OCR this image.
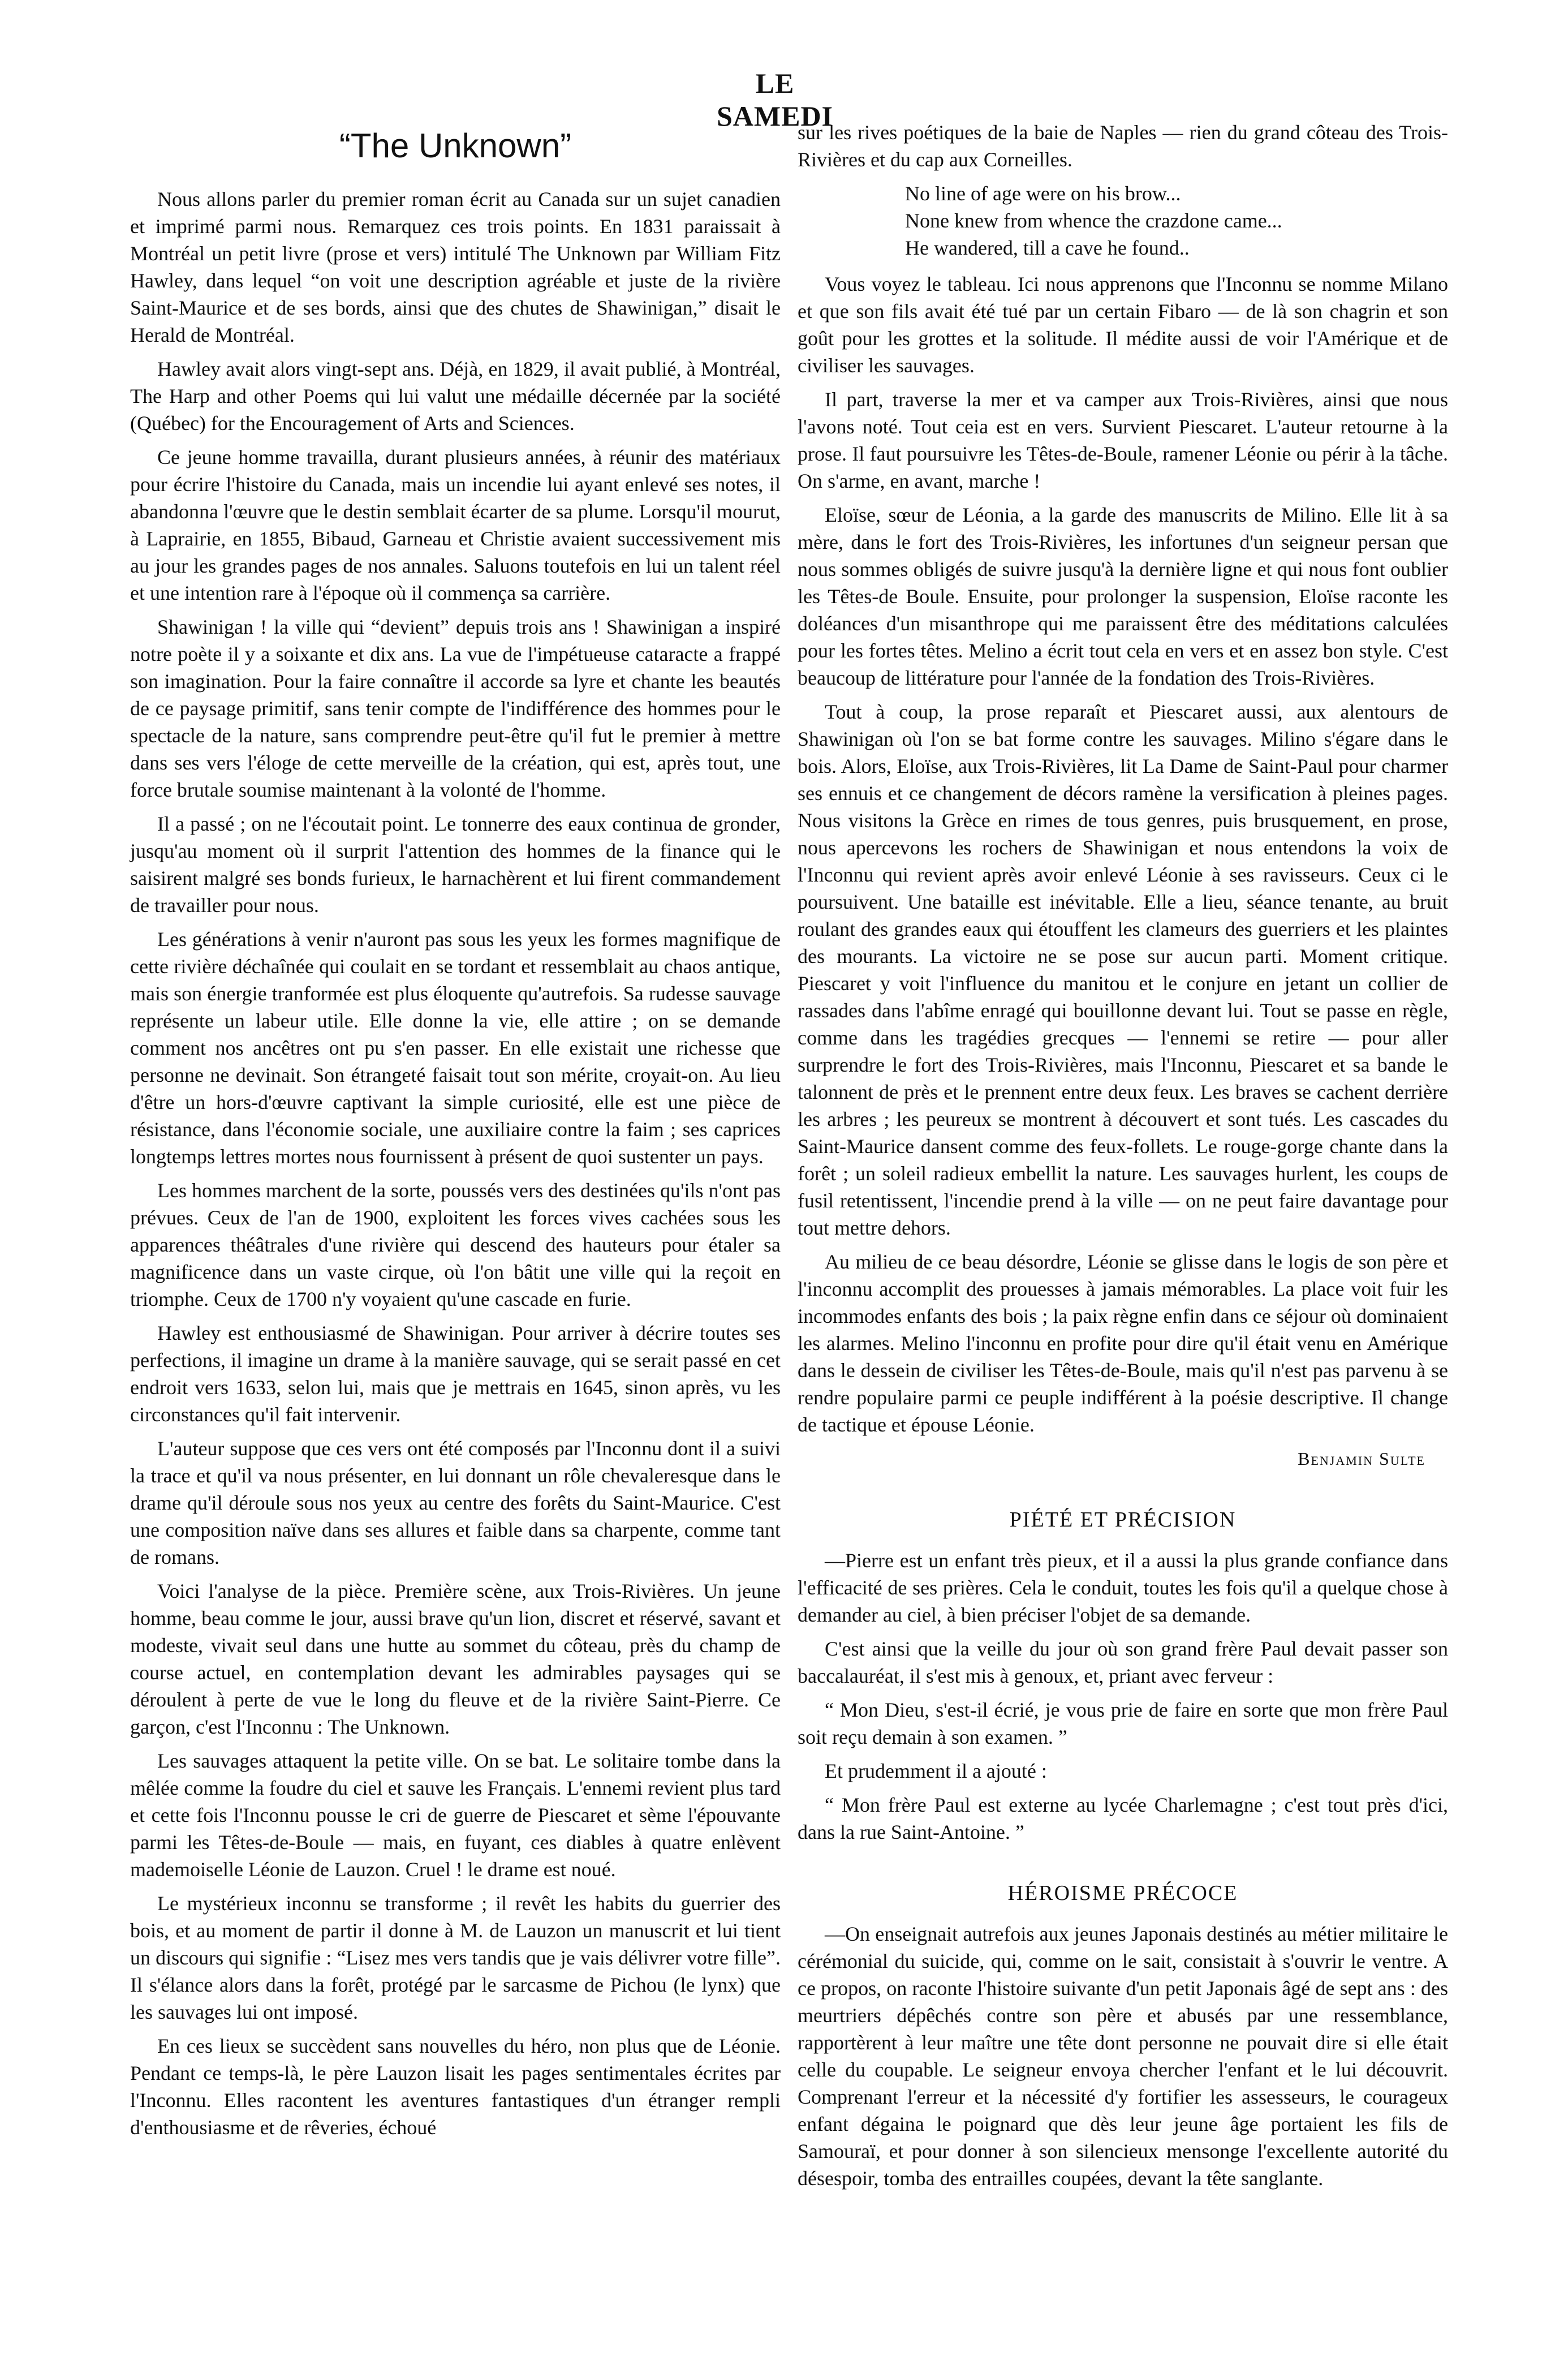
LE SAMEDI
“The Unknown”

Nous allons parler du premier roman écrit au Canada sur un sujet canadien et imprimé parmi nous. Remarquez ces trois points. En 1831 paraissait à Montréal un petit livre (prose et vers) intitulé The Unknown par William Fitz Hawley, dans lequel “on voit une description agréable et juste de la rivière Saint-Maurice et de ses bords, ainsi que des chutes de Shawinigan,” disait le Herald de Montréal.

Hawley avait alors vingt-sept ans. Déjà, en 1829, il avait publié, à Montréal, The Harp and other Poems qui lui valut une médaille décernée par la société (Québec) for the Encouragement of Arts and Sciences.

Ce jeune homme travailla, durant plusieurs années, à réunir des matériaux pour écrire l'histoire du Canada, mais un incendie lui ayant enlevé ses notes, il abandonna l'œuvre que le destin semblait écarter de sa plume. Lorsqu'il mourut, à Laprairie, en 1855, Bibaud, Garneau et Christie avaient successivement mis au jour les grandes pages de nos annales. Saluons toutefois en lui un talent réel et une intention rare à l'époque où il commença sa carrière.

Shawinigan ! la ville qui “devient” depuis trois ans ! Shawinigan a inspiré notre poète il y a soixante et dix ans. La vue de l'impétueuse cataracte a frappé son imagination. Pour la faire connaître il accorde sa lyre et chante les beautés de ce paysage primitif, sans tenir compte de l'indifférence des hommes pour le spectacle de la nature, sans comprendre peut-être qu'il fut le premier à mettre dans ses vers l'éloge de cette merveille de la création, qui est, après tout, une force brutale soumise maintenant à la volonté de l'homme.

Il a passé ; on ne l'écoutait point. Le tonnerre des eaux continua de gronder, jusqu'au moment où il surprit l'attention des hommes de la finance qui le saisirent malgré ses bonds furieux, le harnachèrent et lui firent commandement de travailler pour nous.

Les générations à venir n'auront pas sous les yeux les formes magnifique de cette rivière déchaînée qui coulait en se tordant et ressemblait au chaos antique, mais son énergie tranformée est plus éloquente qu'autrefois. Sa rudesse sauvage représente un labeur utile. Elle donne la vie, elle attire ; on se demande comment nos ancêtres ont pu s'en passer. En elle existait une richesse que personne ne devinait. Son étrangeté faisait tout son mérite, croyait-on. Au lieu d'être un hors-d'œuvre captivant la simple curiosité, elle est une pièce de résistance, dans l'économie sociale, une auxiliaire contre la faim ; ses caprices longtemps lettres mortes nous fournissent à présent de quoi sustenter un pays.

Les hommes marchent de la sorte, poussés vers des destinées qu'ils n'ont pas prévues. Ceux de l'an de 1900, exploitent les forces vives cachées sous les apparences théâtrales d'une rivière qui descend des hauteurs pour étaler sa magnificence dans un vaste cirque, où l'on bâtit une ville qui la reçoit en triomphe. Ceux de 1700 n'y voyaient qu'une cascade en furie.

Hawley est enthousiasmé de Shawinigan. Pour arriver à décrire toutes ses perfections, il imagine un drame à la manière sauvage, qui se serait passé en cet endroit vers 1633, selon lui, mais que je mettrais en 1645, sinon après, vu les circonstances qu'il fait intervenir.

L'auteur suppose que ces vers ont été composés par l'Inconnu dont il a suivi la trace et qu'il va nous présenter, en lui donnant un rôle chevaleresque dans le drame qu'il déroule sous nos yeux au centre des forêts du Saint-Maurice. C'est une composition naïve dans ses allures et faible dans sa charpente, comme tant de romans.

Voici l'analyse de la pièce. Première scène, aux Trois-Rivières. Un jeune homme, beau comme le jour, aussi brave qu'un lion, discret et réservé, savant et modeste, vivait seul dans une hutte au sommet du côteau, près du champ de course actuel, en contemplation devant les admirables paysages qui se déroulent à perte de vue le long du fleuve et de la rivière Saint-Pierre. Ce garçon, c'est l'Inconnu : The Unknown.

Les sauvages attaquent la petite ville. On se bat. Le solitaire tombe dans la mêlée comme la foudre du ciel et sauve les Français. L'ennemi revient plus tard et cette fois l'Inconnu pousse le cri de guerre de Piescaret et sème l'épouvante parmi les Têtes-de-Boule — mais, en fuyant, ces diables à quatre enlèvent mademoiselle Léonie de Lauzon. Cruel ! le drame est noué.

Le mystérieux inconnu se transforme ; il revêt les habits du guerrier des bois, et au moment de partir il donne à M. de Lauzon un manuscrit et lui tient un discours qui signifie : “Lisez mes vers tandis que je vais délivrer votre fille”. Il s'élance alors dans la forêt, protégé par le sarcasme de Pichou (le lynx) que les sauvages lui ont imposé.

En ces lieux se succèdent sans nouvelles du héro, non plus que de Léonie. Pendant ce temps-là, le père Lauzon lisait les pages sentimentales écrites par l'Inconnu. Elles racontent les aventures fantastiques d'un étranger rempli d'enthousiasme et de rêveries, échoué

sur les rives poétiques de la baie de Naples — rien du grand côteau des Trois-Rivières et du cap aux Corneilles.

No line of age were on his brow...
None knew from whence the crazdone came...
He wandered, till a cave he found..

Vous voyez le tableau. Ici nous apprenons que l'Inconnu se nomme Milano et que son fils avait été tué par un certain Fibaro — de là son chagrin et son goût pour les grottes et la solitude. Il médite aussi de voir l'Amérique et de civiliser les sauvages.

Il part, traverse la mer et va camper aux Trois-Rivières, ainsi que nous l'avons noté. Tout ceia est en vers. Survient Piescaret. L'auteur retourne à la prose. Il faut poursuivre les Têtes-de-Boule, ramener Léonie ou périr à la tâche. On s'arme, en avant, marche !

Eloïse, sœur de Léonia, a la garde des manuscrits de Milino. Elle lit à sa mère, dans le fort des Trois-Rivières, les infortunes d'un seigneur persan que nous sommes obligés de suivre jusqu'à la dernière ligne et qui nous font oublier les Têtes-de Boule. Ensuite, pour prolonger la suspension, Eloïse raconte les doléances d'un misanthrope qui me paraissent être des méditations calculées pour les fortes têtes. Melino a écrit tout cela en vers et en assez bon style. C'est beaucoup de littérature pour l'année de la fondation des Trois-Rivières.

Tout à coup, la prose reparaît et Piescaret aussi, aux alentours de Shawinigan où l'on se bat forme contre les sauvages. Milino s'égare dans le bois. Alors, Eloïse, aux Trois-Rivières, lit La Dame de Saint-Paul pour charmer ses ennuis et ce changement de décors ramène la versification à pleines pages. Nous visitons la Grèce en rimes de tous genres, puis brusquement, en prose, nous apercevons les rochers de Shawinigan et nous entendons la voix de l'Inconnu qui revient après avoir enlevé Léonie à ses ravisseurs. Ceux ci le poursuivent. Une bataille est inévitable. Elle a lieu, séance tenante, au bruit roulant des grandes eaux qui étouffent les clameurs des guerriers et les plaintes des mourants. La victoire ne se pose sur aucun parti. Moment critique. Piescaret y voit l'influence du manitou et le conjure en jetant un collier de rassades dans l'abîme enragé qui bouillonne devant lui. Tout se passe en règle, comme dans les tragédies grecques — l'ennemi se retire — pour aller surprendre le fort des Trois-Rivières, mais l'Inconnu, Piescaret et sa bande le talonnent de près et le prennent entre deux feux. Les braves se cachent derrière les arbres ; les peureux se montrent à découvert et sont tués. Les cascades du Saint-Maurice dansent comme des feux-follets. Le rouge-gorge chante dans la forêt ; un soleil radieux embellit la nature. Les sauvages hurlent, les coups de fusil retentissent, l'incendie prend à la ville — on ne peut faire davantage pour tout mettre dehors.

Au milieu de ce beau désordre, Léonie se glisse dans le logis de son père et l'inconnu accomplit des prouesses à jamais mémorables. La place voit fuir les incommodes enfants des bois ; la paix règne enfin dans ce séjour où dominaient les alarmes. Melino l'inconnu en profite pour dire qu'il était venu en Amérique dans le dessein de civiliser les Têtes-de-Boule, mais qu'il n'est pas parvenu à se rendre populaire parmi ce peuple indifférent à la poésie descriptive. Il change de tactique et épouse Léonie.

Benjamin Sulte
PIÉTÉ ET PRÉCISION

—Pierre est un enfant très pieux, et il a aussi la plus grande confiance dans l'efficacité de ses prières. Cela le conduit, toutes les fois qu'il a quelque chose à demander au ciel, à bien préciser l'objet de sa demande.

C'est ainsi que la veille du jour où son grand frère Paul devait passer son baccalauréat, il s'est mis à genoux, et, priant avec ferveur :

“ Mon Dieu, s'est-il écrié, je vous prie de faire en sorte que mon frère Paul soit reçu demain à son examen. ”

Et prudemment il a ajouté :

“ Mon frère Paul est externe au lycée Charlemagne ; c'est tout près d'ici, dans la rue Saint-Antoine. ”

HÉROISME PRÉCOCE

—On enseignait autrefois aux jeunes Japonais destinés au métier militaire le cérémonial du suicide, qui, comme on le sait, consistait à s'ouvrir le ventre. A ce propos, on raconte l'histoire suivante d'un petit Japonais âgé de sept ans : des meurtriers dépêchés contre son père et abusés par une ressemblance, rapportèrent à leur maître une tête dont personne ne pouvait dire si elle était celle du coupable. Le seigneur envoya chercher l'enfant et le lui découvrit. Comprenant l'erreur et la nécessité d'y fortifier les assesseurs, le courageux enfant dégaina le poignard que dès leur jeune âge portaient les fils de Samouraï, et pour donner à son silencieux mensonge l'excellente autorité du désespoir, tomba des entrailles coupées, devant la tête sanglante.
